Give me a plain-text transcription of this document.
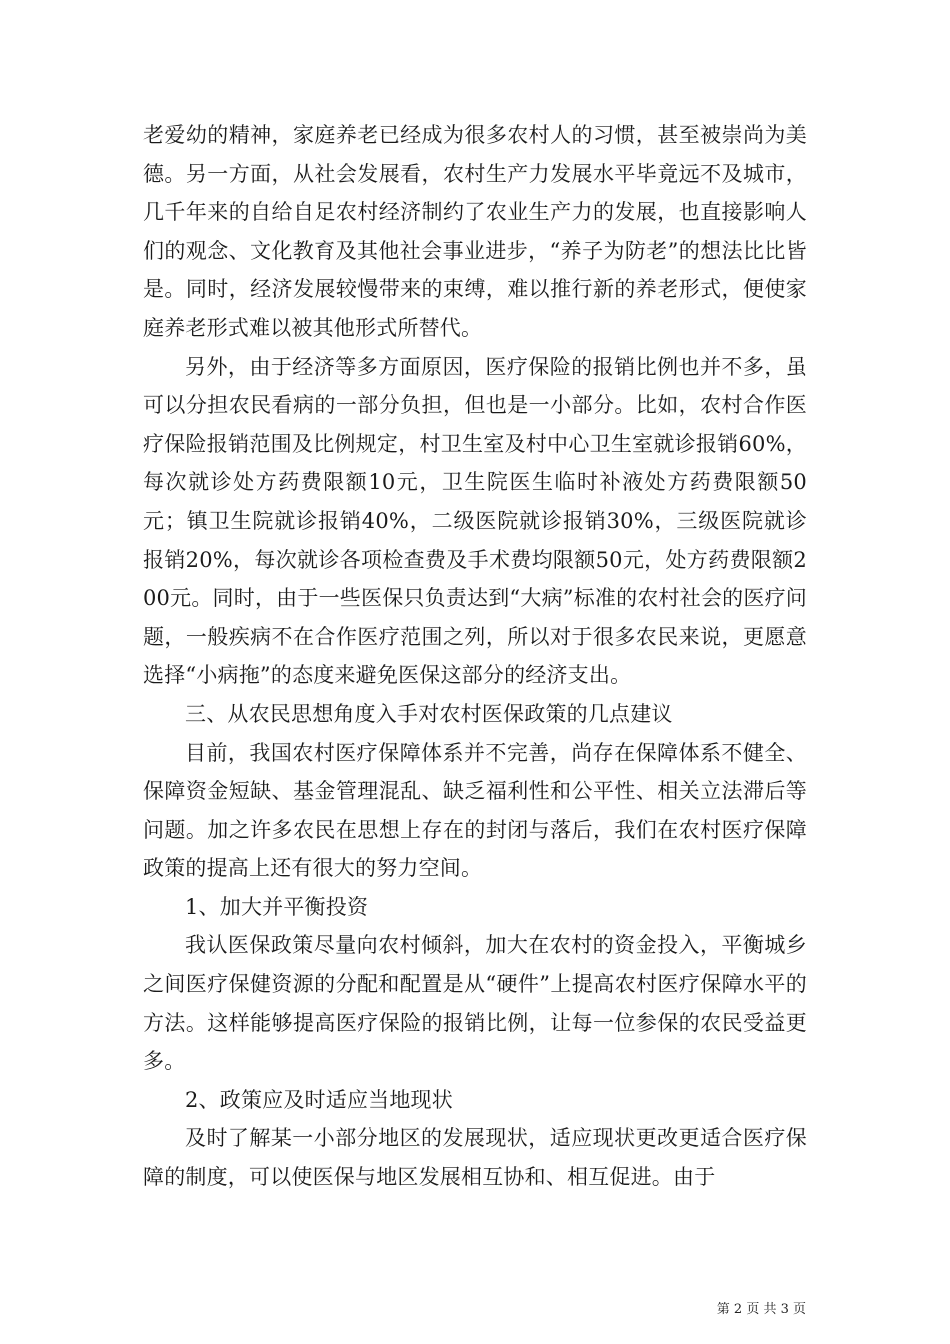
老爱幼的精神，家庭养老已经成为很多农村人的习惯，甚至被崇尚为美德。另一方面，从社会发展看，农村生产力发展水平毕竟远不及城市，几千年来的自给自足农村经济制约了农业生产力的发展，也直接影响人们的观念、文化教育及其他社会事业进步，“养子为防老”的想法比比皆是。同时，经济发展较慢带来的束缚，难以推行新的养老形式，便使家庭养老形式难以被其他形式所替代。

另外，由于经济等多方面原因，医疗保险的报销比例也并不多，虽可以分担农民看病的一部分负担，但也是一小部分。比如，农村合作医疗保险报销范围及比例规定，村卫生室及村中心卫生室就诊报销60%，每次就诊处方药费限额10元，卫生院医生临时补液处方药费限额50元；镇卫生院就诊报销40%，二级医院就诊报销30%，三级医院就诊报销20%，每次就诊各项检查费及手术费均限额50元，处方药费限额200元。同时，由于一些医保只负责达到“大病”标准的农村社会的医疗问题，一般疾病不在合作医疗范围之列，所以对于很多农民来说，更愿意选择“小病拖”的态度来避免医保这部分的经济支出。

三、从农民思想角度入手对农村医保政策的几点建议

目前，我国农村医疗保障体系并不完善，尚存在保障体系不健全、保障资金短缺、基金管理混乱、缺乏福利性和公平性、相关立法滞后等问题。加之许多农民在思想上存在的封闭与落后，我们在农村医疗保障政策的提高上还有很大的努力空间。

1、加大并平衡投资

我认医保政策尽量向农村倾斜，加大在农村的资金投入，平衡城乡之间医疗保健资源的分配和配置是从“硬件”上提高农村医疗保障水平的方法。这样能够提高医疗保险的报销比例，让每一位参保的农民受益更多。

2、政策应及时适应当地现状

及时了解某一小部分地区的发展现状，适应现状更改更适合医疗保障的制度，可以使医保与地区发展相互协和、相互促进。由于

第 2 页 共 3 页
